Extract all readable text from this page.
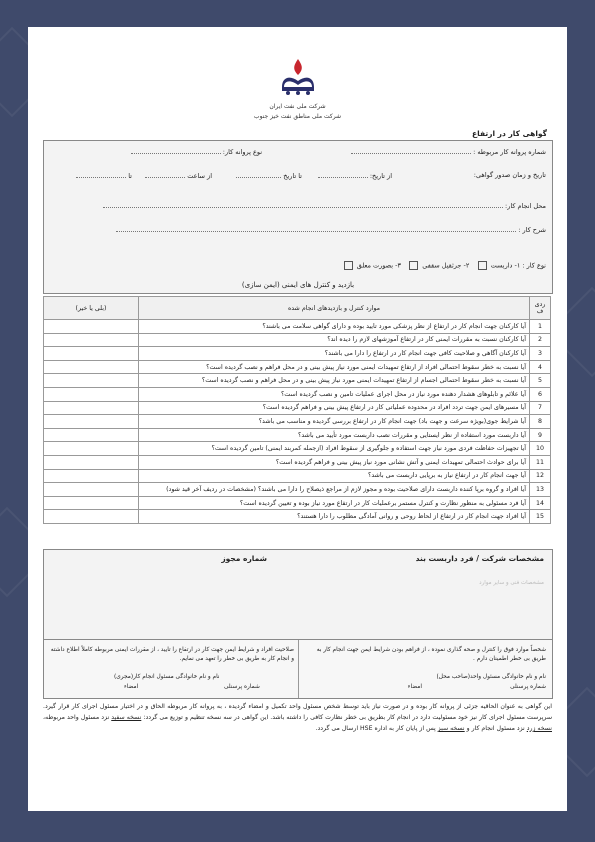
شرکت ملی نفت ایران
شرکت ملی مناطق نفت خیز جنوب
گواهی کار در ارتفاع
شماره پروانه کار مربوطه :
نوع پروانه کار:
تاریخ و زمان صدور گواهی:
از تاریخ:
تا تاریخ
از ساعت
تا
محل انجام کار:
شرح کار :
نوع کار : ۱- داربست    ۲- جرثقیل سقفی    ۳- بصورت معلق
بازدید و کنترل های ایمنی (ایمن سازی)
ردی ف	موارد کنترل و بازدیدهای انجام شده	(بلی یا خیر)
1	آیا کارکنان جهت انجام کار در ارتفاع از نظر پزشکی مورد تایید بوده و دارای گواهی سلامت می باشند؟	
2	آیا کارکنان نسبت به مقررات ایمنی کار در ارتفاع آموزشهای لازم را دیده اند؟	
3	آیا کارکنان آگاهی و صلاحیت کافی جهت انجام کار در ارتفاع را دارا می باشند؟	
4	آیا نسبت به خطر سقوط احتمالی افراد از ارتفاع تمهیدات ایمنی مورد نیاز پیش بینی و در محل فراهم و نصب گردیده است؟	
5	آیا نسبت به خطر سقوط احتمالی اجسام از ارتفاع تمهیدات ایمنی مورد نیاز پیش بینی و در محل فراهم و نصب گردیده است؟	
6	آیا علائم و تابلوهای هشدار دهنده مورد نیاز در محل اجرای عملیات تامین و نصب گردیده است؟	
7	آیا مسیرهای ایمن جهت تردد افراد در محدوده عملیاتی کار در ارتفاع پیش بینی و فراهم گردیده است؟	
8	آیا شرایط جوی(بویژه سرعت و جهت باد) جهت انجام کار در ارتفاع بررسی گردیده و مناسب می باشد؟	
9	آیا داربست مورد استفاده از نظر ایستایی و مقررات نصب داربست مورد تأیید می باشد؟	
10	آیا تجهیزات حفاظت فردی مورد نیاز جهت استفاده و جلوگیری از سقوط افراد (ازجمله کمربند ایمنی) تامین گردیده است؟	
11	آیا برای حوادث احتمالی تمهیدات ایمنی و آتش نشانی مورد نیاز پیش بینی و فراهم گردیده است؟	
12	آیا جهت انجام کار در ارتفاع نیاز به برپایی داربست می باشد؟	
13	آیا افراد و گروه برپا کننده داربست دارای صلاحیت بوده و مجوز لازم از مراجع ذیصلاح را دارا می باشند؟ (مشخصات در ردیف آخر قید شود)	
14	آیا فرد مسئولی به منظور نظارت و کنترل مستمر برعملیات کار در ارتفاع مورد نیاز بوده و تعیین گردیده است؟	
15	آیا افراد جهت انجام کار در ارتفاع از لحاظ روحی و روانی آمادگی مطلوب را دارا هستند؟	
مشخصات شرکت / فرد داربست بند
شماره مجوز
مشخصات فنی و سایر موارد
شخصاً موارد فوق را کنترل و صحه گذاری نموده ، از فراهم بودن شرایط ایمن جهت انجام کار به طریق بی خطر اطمینان دارم .
نام و نام خانوادگی مسئول واحد(صاحب محل)
امضاء	شماره پرسنلی
صلاحیت افراد و شرایط ایمن جهت کار در ارتفاع را تایید ، از مقررات ایمنی مربوطه کاملاً اطلاع داشته و انجام کار به طریق بی خطر را تعهد می نمایم.
نام و نام خانوادگی مسئول انجام کار(مجری)
امضاء	شماره پرسنلی
این گواهی به عنوان الحاقیه جزئی از پروانه کار بوده و در صورت نیاز باید توسط شخص مسئول واحد تکمیل و امضاء گردیده ، به پروانه کار مربوطه الحاق و در اختیار مسئول اجرای کار قرار گیرد. سرپرست مسئول اجرای کار نیز خود مسئولیت دارد در انجام کار بطریق بی خطر نظارت کافی را داشته باشد. این گواهی در سه نسخه تنظیم و توزیع می گردد: نسخه سفید نزد مسئول واحد مربوطه، نسخه زرد نزد مسئول انجام کار و نسخه سبز پس از پایان کار به اداره HSE ارسال می گردد.
